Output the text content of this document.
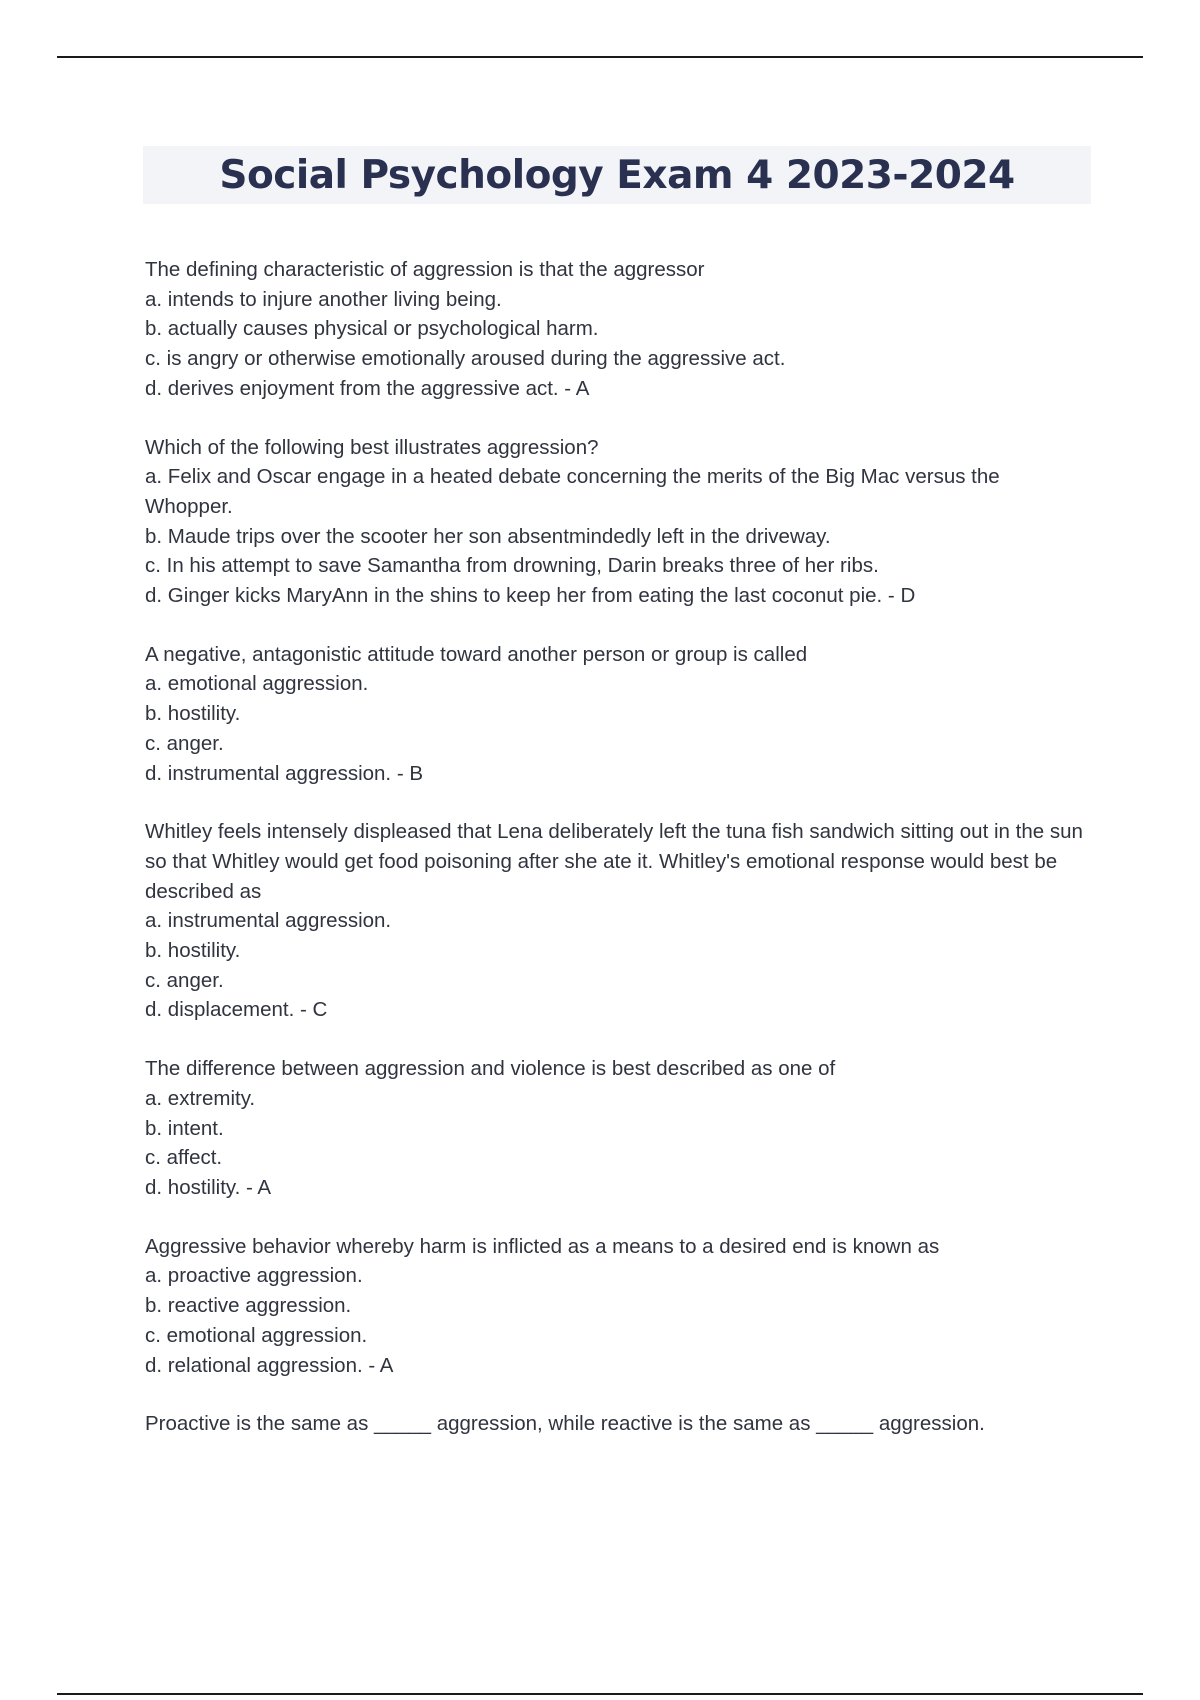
Social Psychology Exam 4 2023-2024
The defining characteristic of aggression is that the aggressor
a. intends to injure another living being.
b. actually causes physical or psychological harm.
c. is angry or otherwise emotionally aroused during the aggressive act.
d. derives enjoyment from the aggressive act. - A
Which of the following best illustrates aggression?
a. Felix and Oscar engage in a heated debate concerning the merits of the Big Mac versus the Whopper.
b. Maude trips over the scooter her son absentmindedly left in the driveway.
c. In his attempt to save Samantha from drowning, Darin breaks three of her ribs.
d. Ginger kicks MaryAnn in the shins to keep her from eating the last coconut pie. - D
A negative, antagonistic attitude toward another person or group is called
a. emotional aggression.
b. hostility.
c. anger.
d. instrumental aggression. - B
Whitley feels intensely displeased that Lena deliberately left the tuna fish sandwich sitting out in the sun so that Whitley would get food poisoning after she ate it. Whitley's emotional response would best be described as
a. instrumental aggression.
b. hostility.
c. anger.
d. displacement. - C
The difference between aggression and violence is best described as one of
a. extremity.
b. intent.
c. affect.
d. hostility. - A
Aggressive behavior whereby harm is inflicted as a means to a desired end is known as
a. proactive aggression.
b. reactive aggression.
c. emotional aggression.
d. relational aggression. - A
Proactive is the same as _____ aggression, while reactive is the same as _____ aggression.
